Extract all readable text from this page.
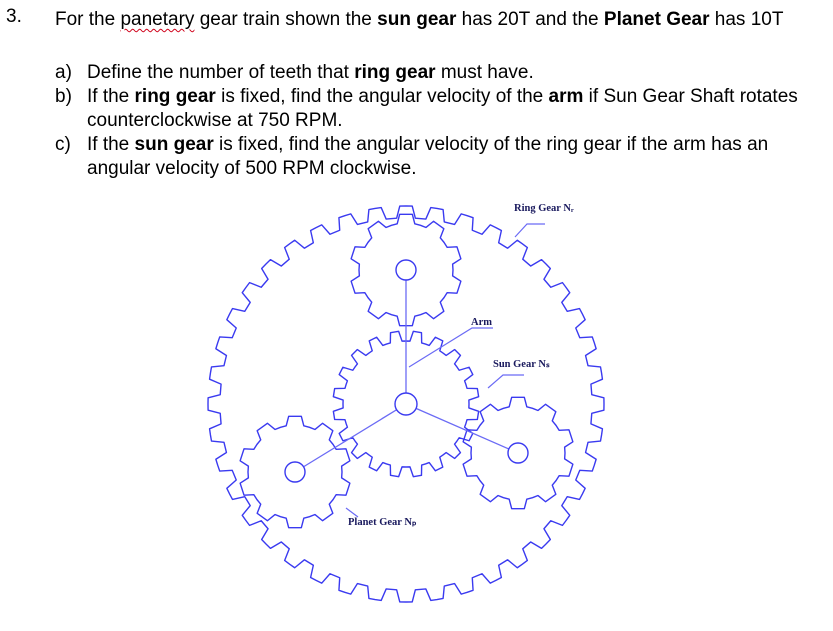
3. For the panetary gear train shown the sun gear has 20T and the Planet Gear has 10T
a) Define the number of teeth that ring gear must have.
b) If the ring gear is fixed, find the angular velocity of the arm if Sun Gear Shaft rotates counterclockwise at 750 RPM.
c) If the sun gear is fixed, find the angular velocity of the ring gear if the arm has an angular velocity of 500 RPM clockwise.
Ring Gear Nᵣ
Arm
Sun Gear Nₛ
Planet Gear Nₚ
